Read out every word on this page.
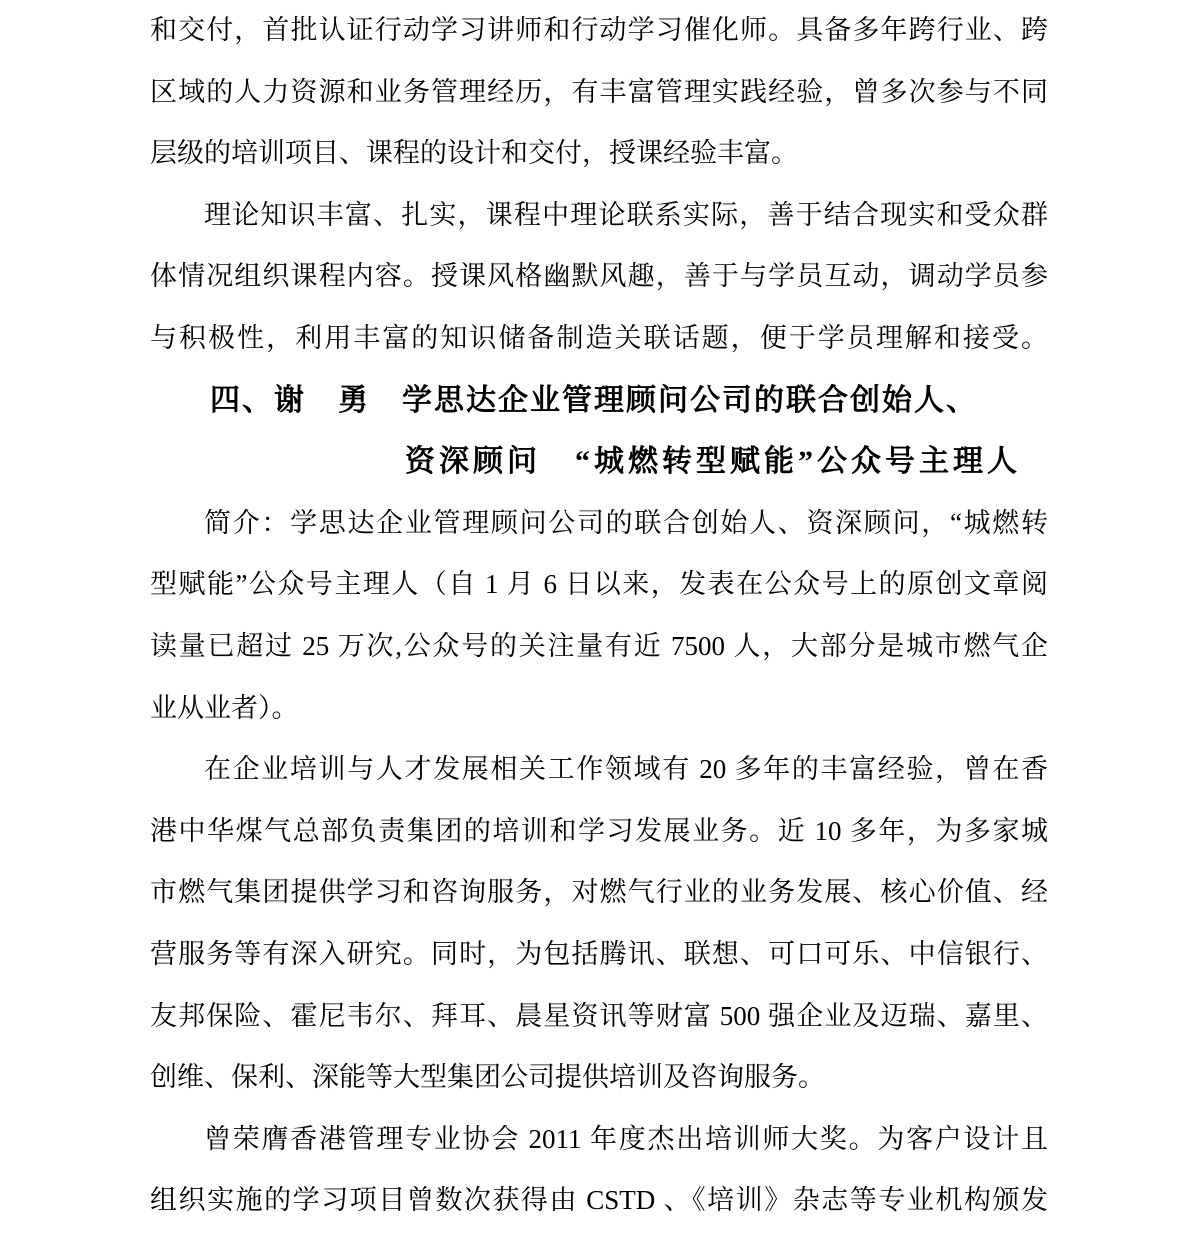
和交付，首批认证行动学习讲师和行动学习催化师。具备多年跨行业、跨
区域的人力资源和业务管理经历，有丰富管理实践经验，曾多次参与不同
层级的培训项目、课程的设计和交付，授课经验丰富。
理论知识丰富、扎实，课程中理论联系实际，善于结合现实和受众群
体情况组织课程内容。授课风格幽默风趣，善于与学员互动，调动学员参
与积极性，利用丰富的知识储备制造关联话题，便于学员理解和接受。
四、谢　勇　学思达企业管理顾问公司的联合创始人、
资深顾问　“城燃转型赋能”公众号主理人
简介：学思达企业管理顾问公司的联合创始人、资深顾问，“城燃转
型赋能”公众号主理人（自 1 月 6 日以来，发表在公众号上的原创文章阅
读量已超过 25 万次,公众号的关注量有近 7500 人，大部分是城市燃气企
业从业者）。
在企业培训与人才发展相关工作领域有 20 多年的丰富经验，曾在香
港中华煤气总部负责集团的培训和学习发展业务。近 10 多年，为多家城
市燃气集团提供学习和咨询服务，对燃气行业的业务发展、核心价值、经
营服务等有深入研究。同时，为包括腾讯、联想、可口可乐、中信银行、
友邦保险、霍尼韦尔、拜耳、晨星资讯等财富 500 强企业及迈瑞、嘉里、
创维、保利、深能等大型集团公司提供培训及咨询服务。
曾荣膺香港管理专业协会 2011 年度杰出培训师大奖。为客户设计且
组织实施的学习项目曾数次获得由 CSTD 、《培训》杂志等专业机构颁发
